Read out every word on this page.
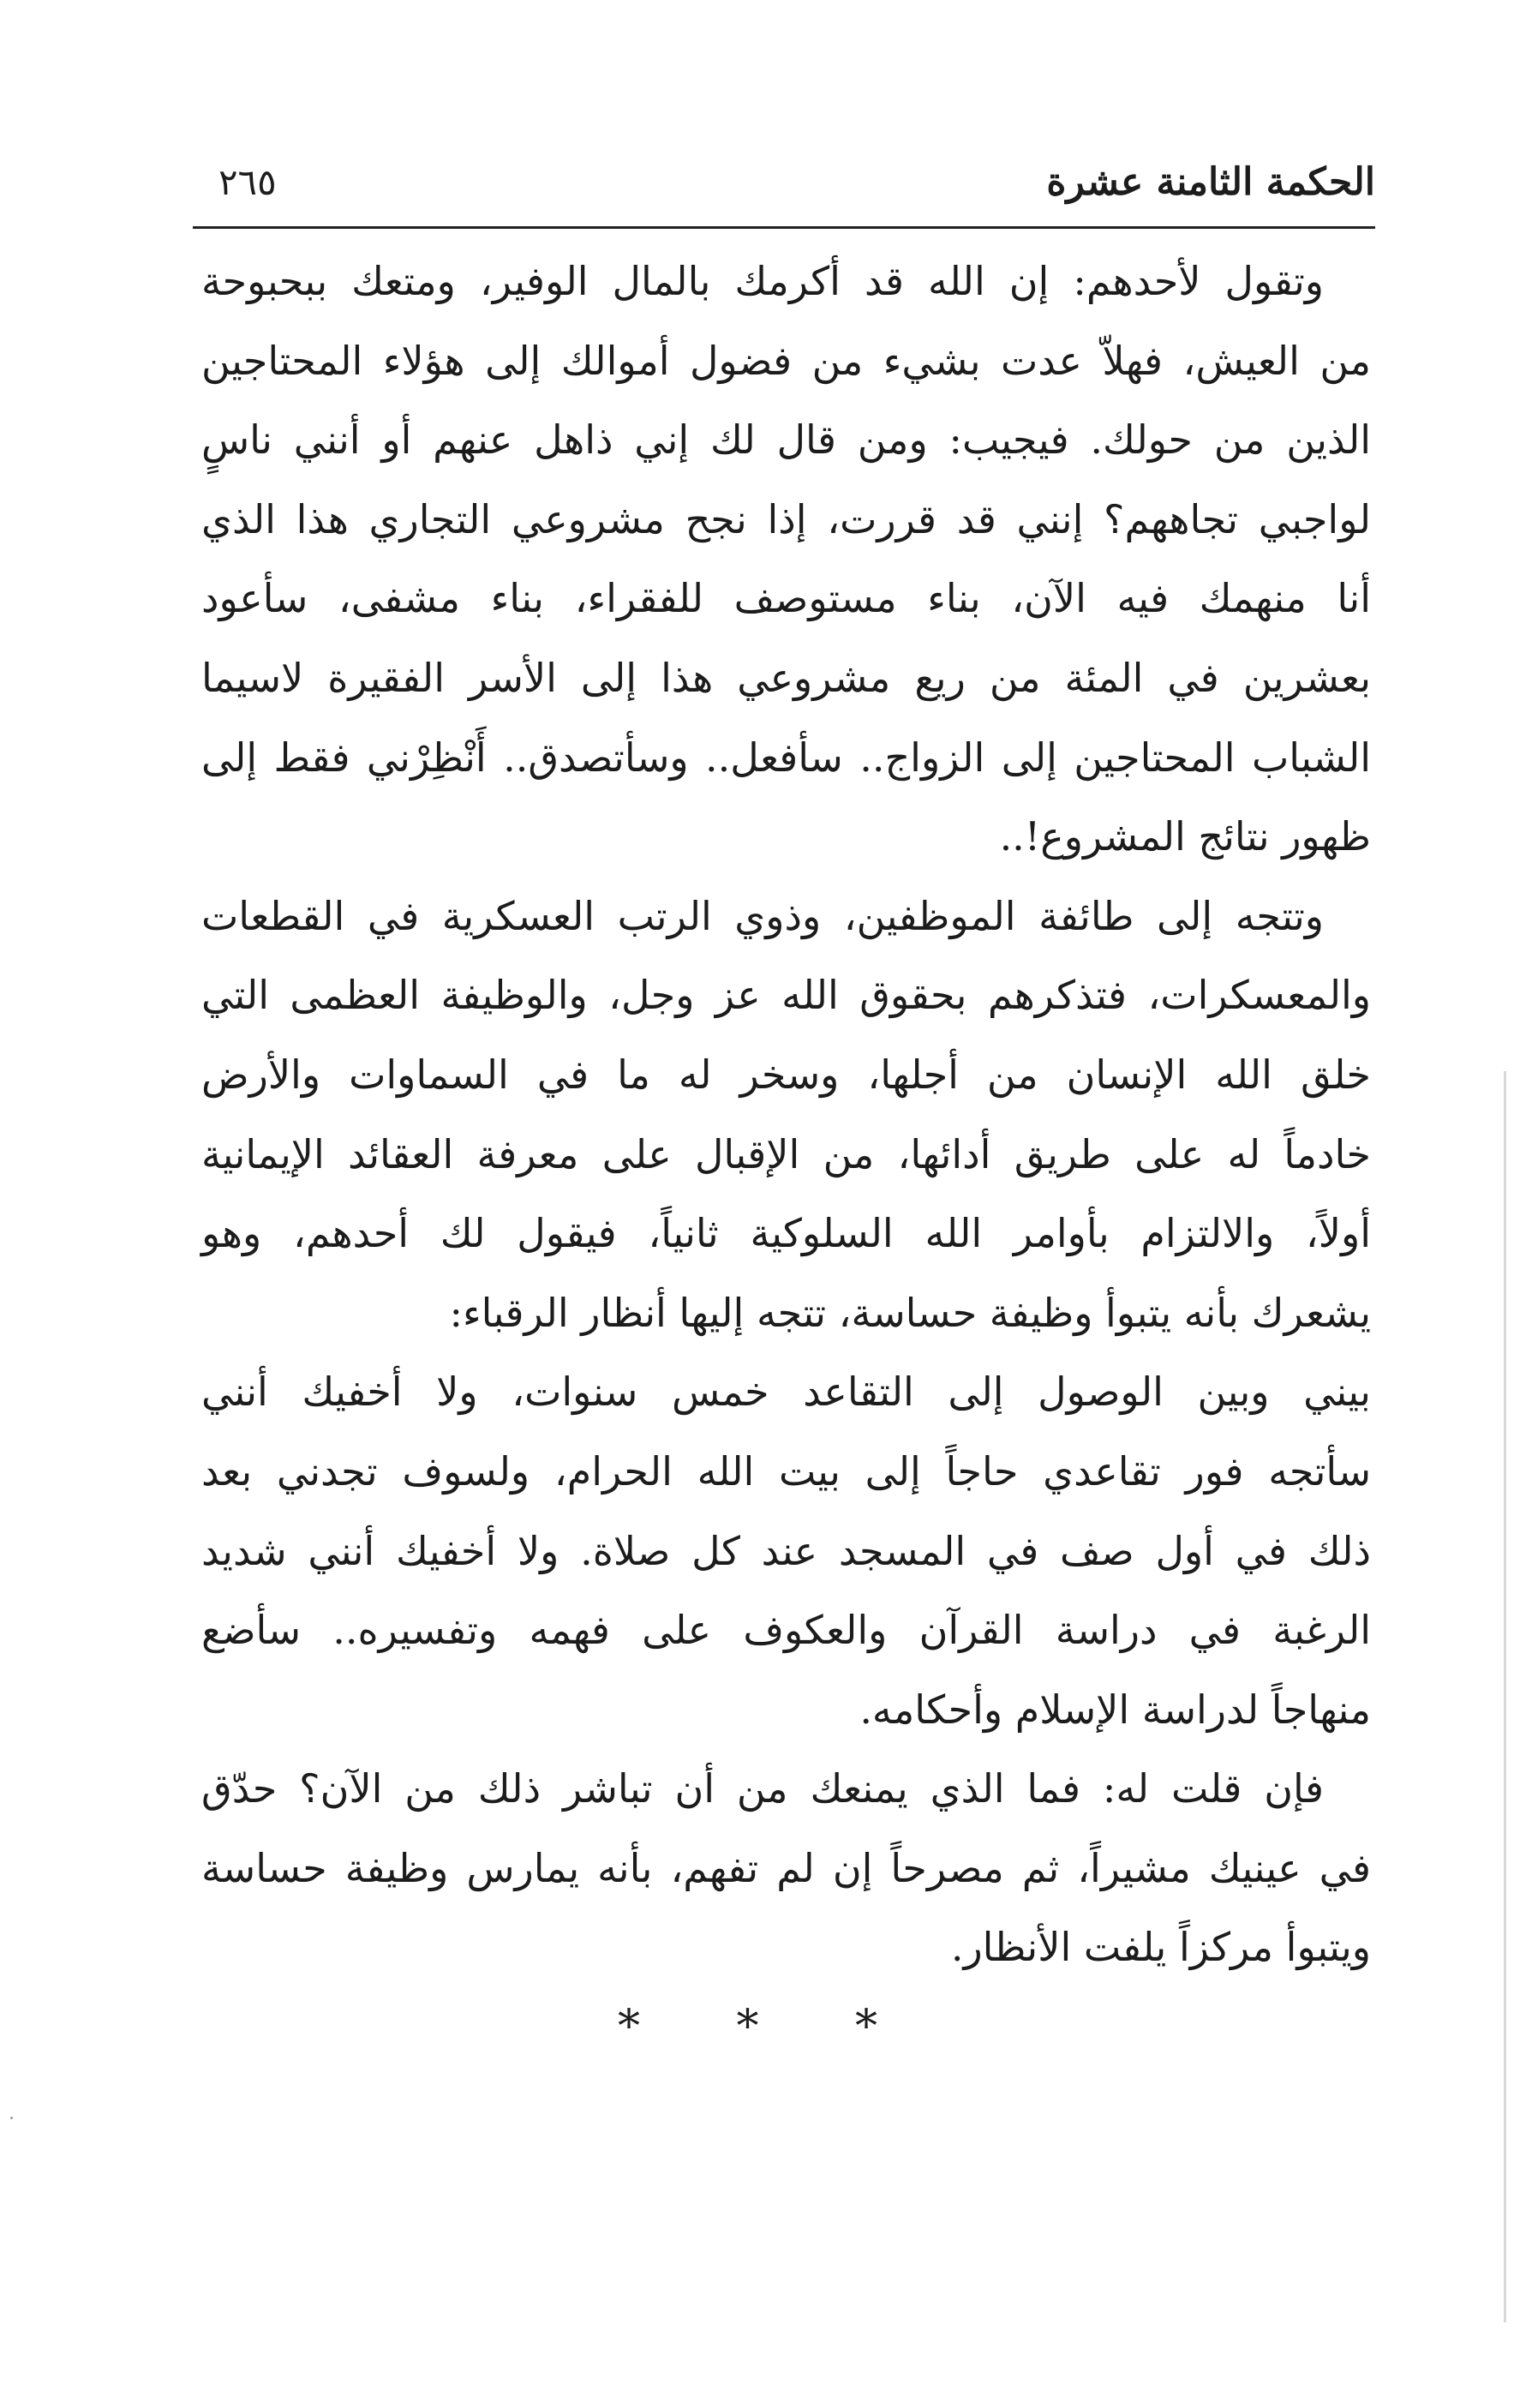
الحكمة الثامنة عشرة
٢٦٥
وتقول لأحدهم: إن الله قد أكرمك بالمال الوفير، ومتعك ببحبوحة
من العيش، فهلاّ عدت بشيء من فضول أموالك إلى هؤلاء المحتاجين
الذين من حولك. فيجيب: ومن قال لك إني ذاهل عنهم أو أنني ناسٍ
لواجبي تجاههم؟ إنني قد قررت، إذا نجح مشروعي التجاري هذا الذي
أنا منهمك فيه الآن، بناء مستوصف للفقراء، بناء مشفى، سأعود
بعشرين في المئة من ريع مشروعي هذا إلى الأسر الفقيرة لاسيما
الشباب المحتاجين إلى الزواج.. سأفعل.. وسأتصدق.. أَنْظِرْني فقط إلى
ظهور نتائج المشروع!..
وتتجه إلى طائفة الموظفين، وذوي الرتب العسكرية في القطعات
والمعسكرات، فتذكرهم بحقوق الله عز وجل، والوظيفة العظمى التي
خلق الله الإنسان من أجلها، وسخر له ما في السماوات والأرض
خادماً له على طريق أدائها، من الإقبال على معرفة العقائد الإيمانية
أولاً، والالتزام بأوامر الله السلوكية ثانياً، فيقول لك أحدهم، وهو
يشعرك بأنه يتبوأ وظيفة حساسة، تتجه إليها أنظار الرقباء:
بيني وبين الوصول إلى التقاعد خمس سنوات، ولا أخفيك أنني
سأتجه فور تقاعدي حاجاً إلى بيت الله الحرام، ولسوف تجدني بعد
ذلك في أول صف في المسجد عند كل صلاة. ولا أخفيك أنني شديد
الرغبة في دراسة القرآن والعكوف على فهمه وتفسيره.. سأضع
منهاجاً لدراسة الإسلام وأحكامه.
فإن قلت له: فما الذي يمنعك من أن تباشر ذلك من الآن؟ حدّق
في عينيك مشيراً، ثم مصرحاً إن لم تفهم، بأنه يمارس وظيفة حساسة
ويتبوأ مركزاً يلفت الأنظار.
* * *
